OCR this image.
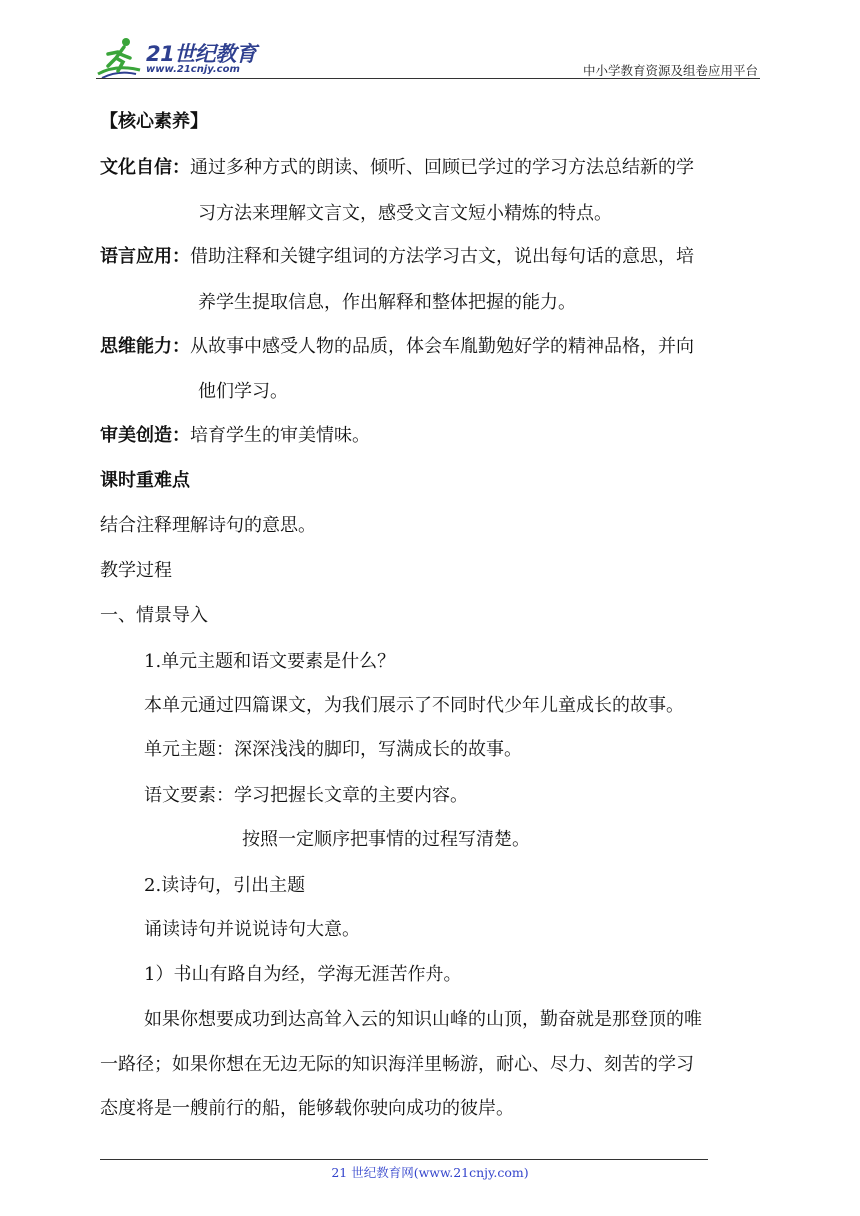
21世纪教育
www.21cnjy.com	中小学教育资源及组卷应用平台
【核心素养】
文化自信：通过多种方式的朗读、倾听、回顾已学过的学习方法总结新的学
习方法来理解文言文，感受文言文短小精炼的特点。
语言应用：借助注释和关键字组词的方法学习古文，说出每句话的意思，培
养学生提取信息，作出解释和整体把握的能力。
思维能力：从故事中感受人物的品质，体会车胤勤勉好学的精神品格，并向
他们学习。
审美创造：培育学生的审美情味。
课时重难点
结合注释理解诗句的意思。
教学过程
一、情景导入
1.单元主题和语文要素是什么？
本单元通过四篇课文，为我们展示了不同时代少年儿童成长的故事。
单元主题：深深浅浅的脚印，写满成长的故事。
语文要素：学习把握长文章的主要内容。
按照一定顺序把事情的过程写清楚。
2.读诗句，引出主题
诵读诗句并说说诗句大意。
1）书山有路自为经，学海无涯苦作舟。
如果你想要成功到达高耸入云的知识山峰的山顶，勤奋就是那登顶的唯
一路径；如果你想在无边无际的知识海洋里畅游，耐心、尽力、刻苦的学习
态度将是一艘前行的船，能够载你驶向成功的彼岸。
21 世纪教育网(www.21cnjy.com)
